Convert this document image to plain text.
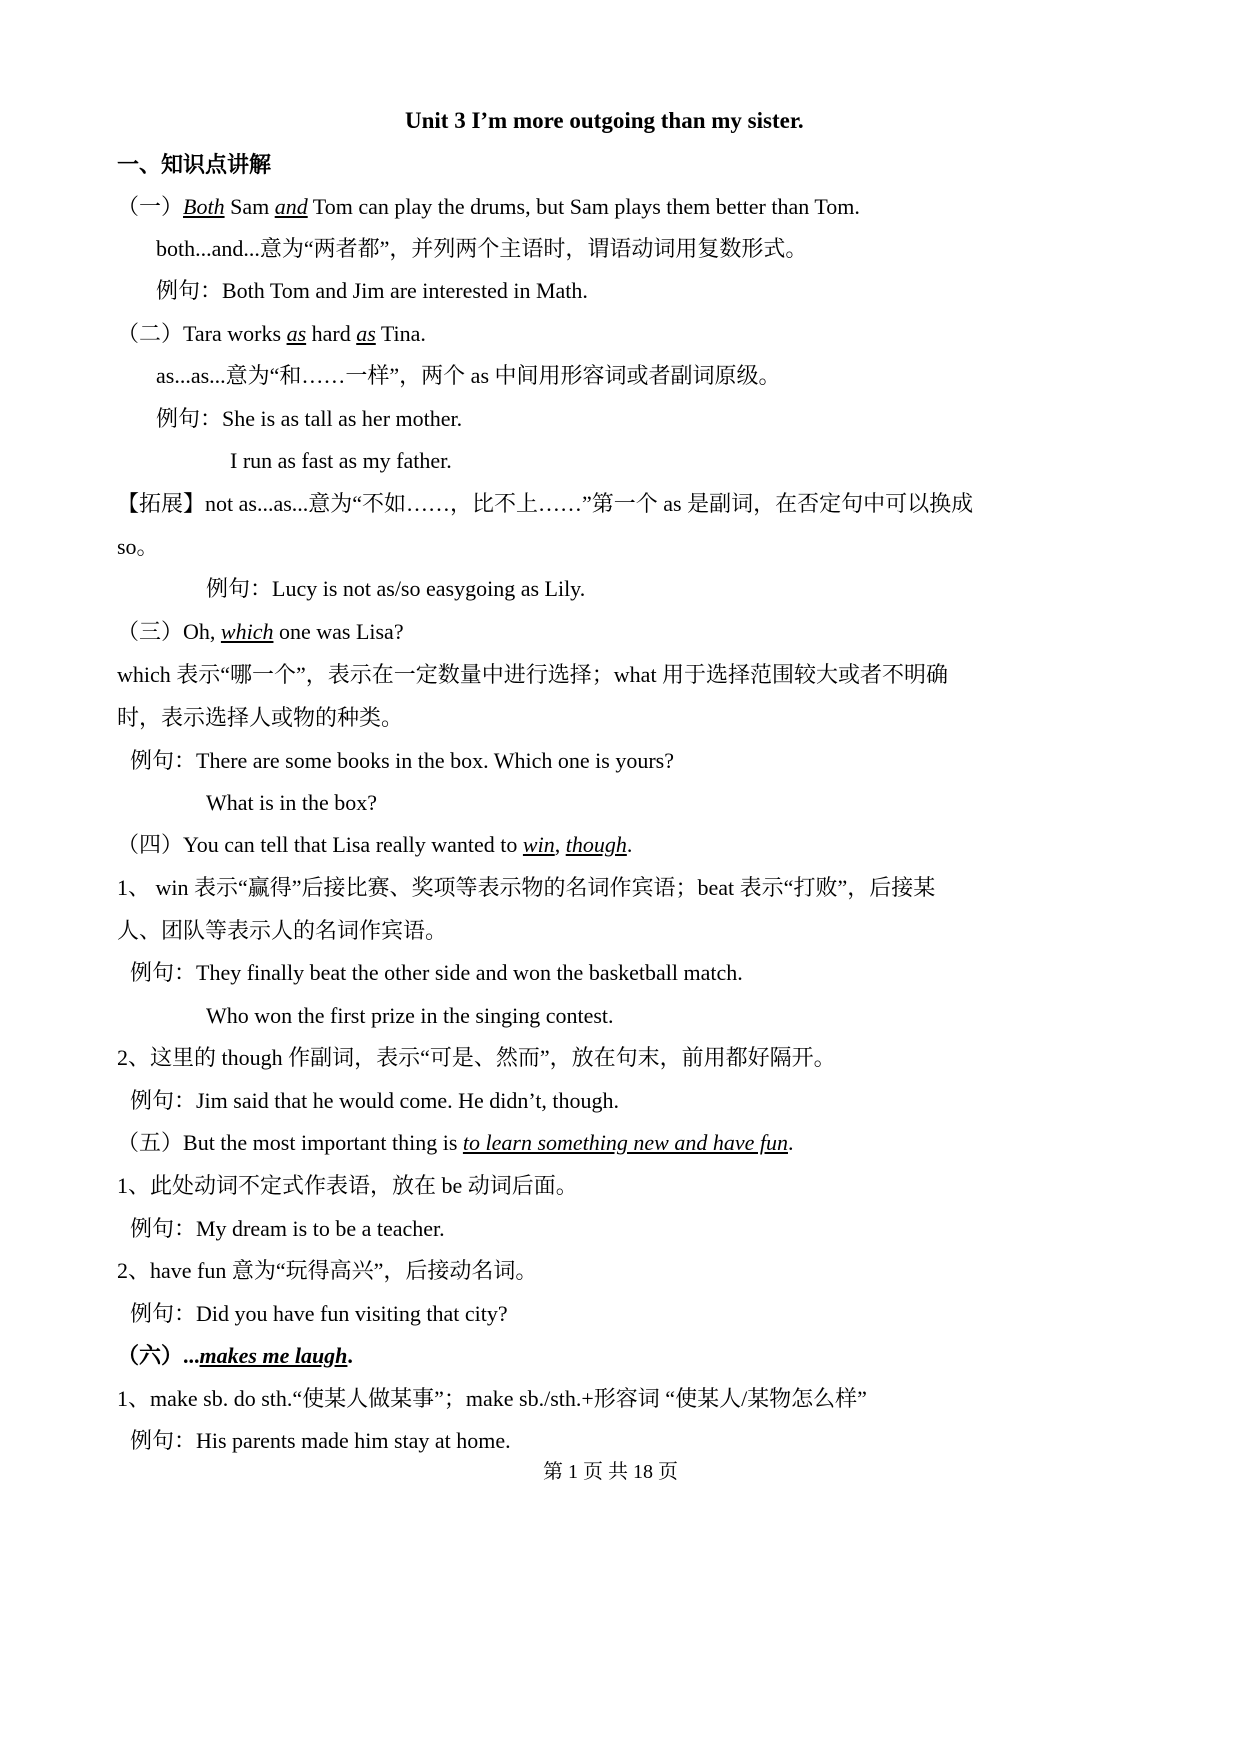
Unit 3 I’m more outgoing than my sister.
一、知识点讲解
（一）Both Sam and Tom can play the drums, but Sam plays them better than Tom.
both...and...意为“两者都”，并列两个主语时，谓语动词用复数形式。
例句：Both Tom and Jim are interested in Math.
（二）Tara works as hard as Tina.
as...as...意为“和……一样”，两个 as 中间用形容词或者副词原级。
例句：She is as tall as her mother.
I run as fast as my father.
【拓展】not as...as...意为“不如……，比不上……”第一个 as 是副词，在否定句中可以换成
so。
例句：Lucy is not as/so easygoing as Lily.
（三）Oh, which one was Lisa?
which 表示“哪一个”，表示在一定数量中进行选择；what 用于选择范围较大或者不明确
时，表示选择人或物的种类。
例句：There are some books in the box. Which one is yours?
What is in the box?
（四）You can tell that Lisa really wanted to win, though.
1、 win 表示“赢得”后接比赛、奖项等表示物的名词作宾语；beat 表示“打败”，后接某
人、团队等表示人的名词作宾语。
例句：They finally beat the other side and won the basketball match.
Who won the first prize in the singing contest.
2、这里的 though 作副词，表示“可是、然而”，放在句末，前用都好隔开。
例句：Jim said that he would come. He didn’t, though.
（五）But the most important thing is to learn something new and have fun.
1、此处动词不定式作表语，放在 be 动词后面。
例句：My dream is to be a teacher.
2、have fun 意为“玩得高兴”，后接动名词。
例句：Did you have fun visiting that city?
（六）...makes me laugh.
1、make sb. do sth.“使某人做某事”；make sb./sth.+形容词 “使某人/某物怎么样”
例句：His parents made him stay at home.
第 1 页 共 18 页
